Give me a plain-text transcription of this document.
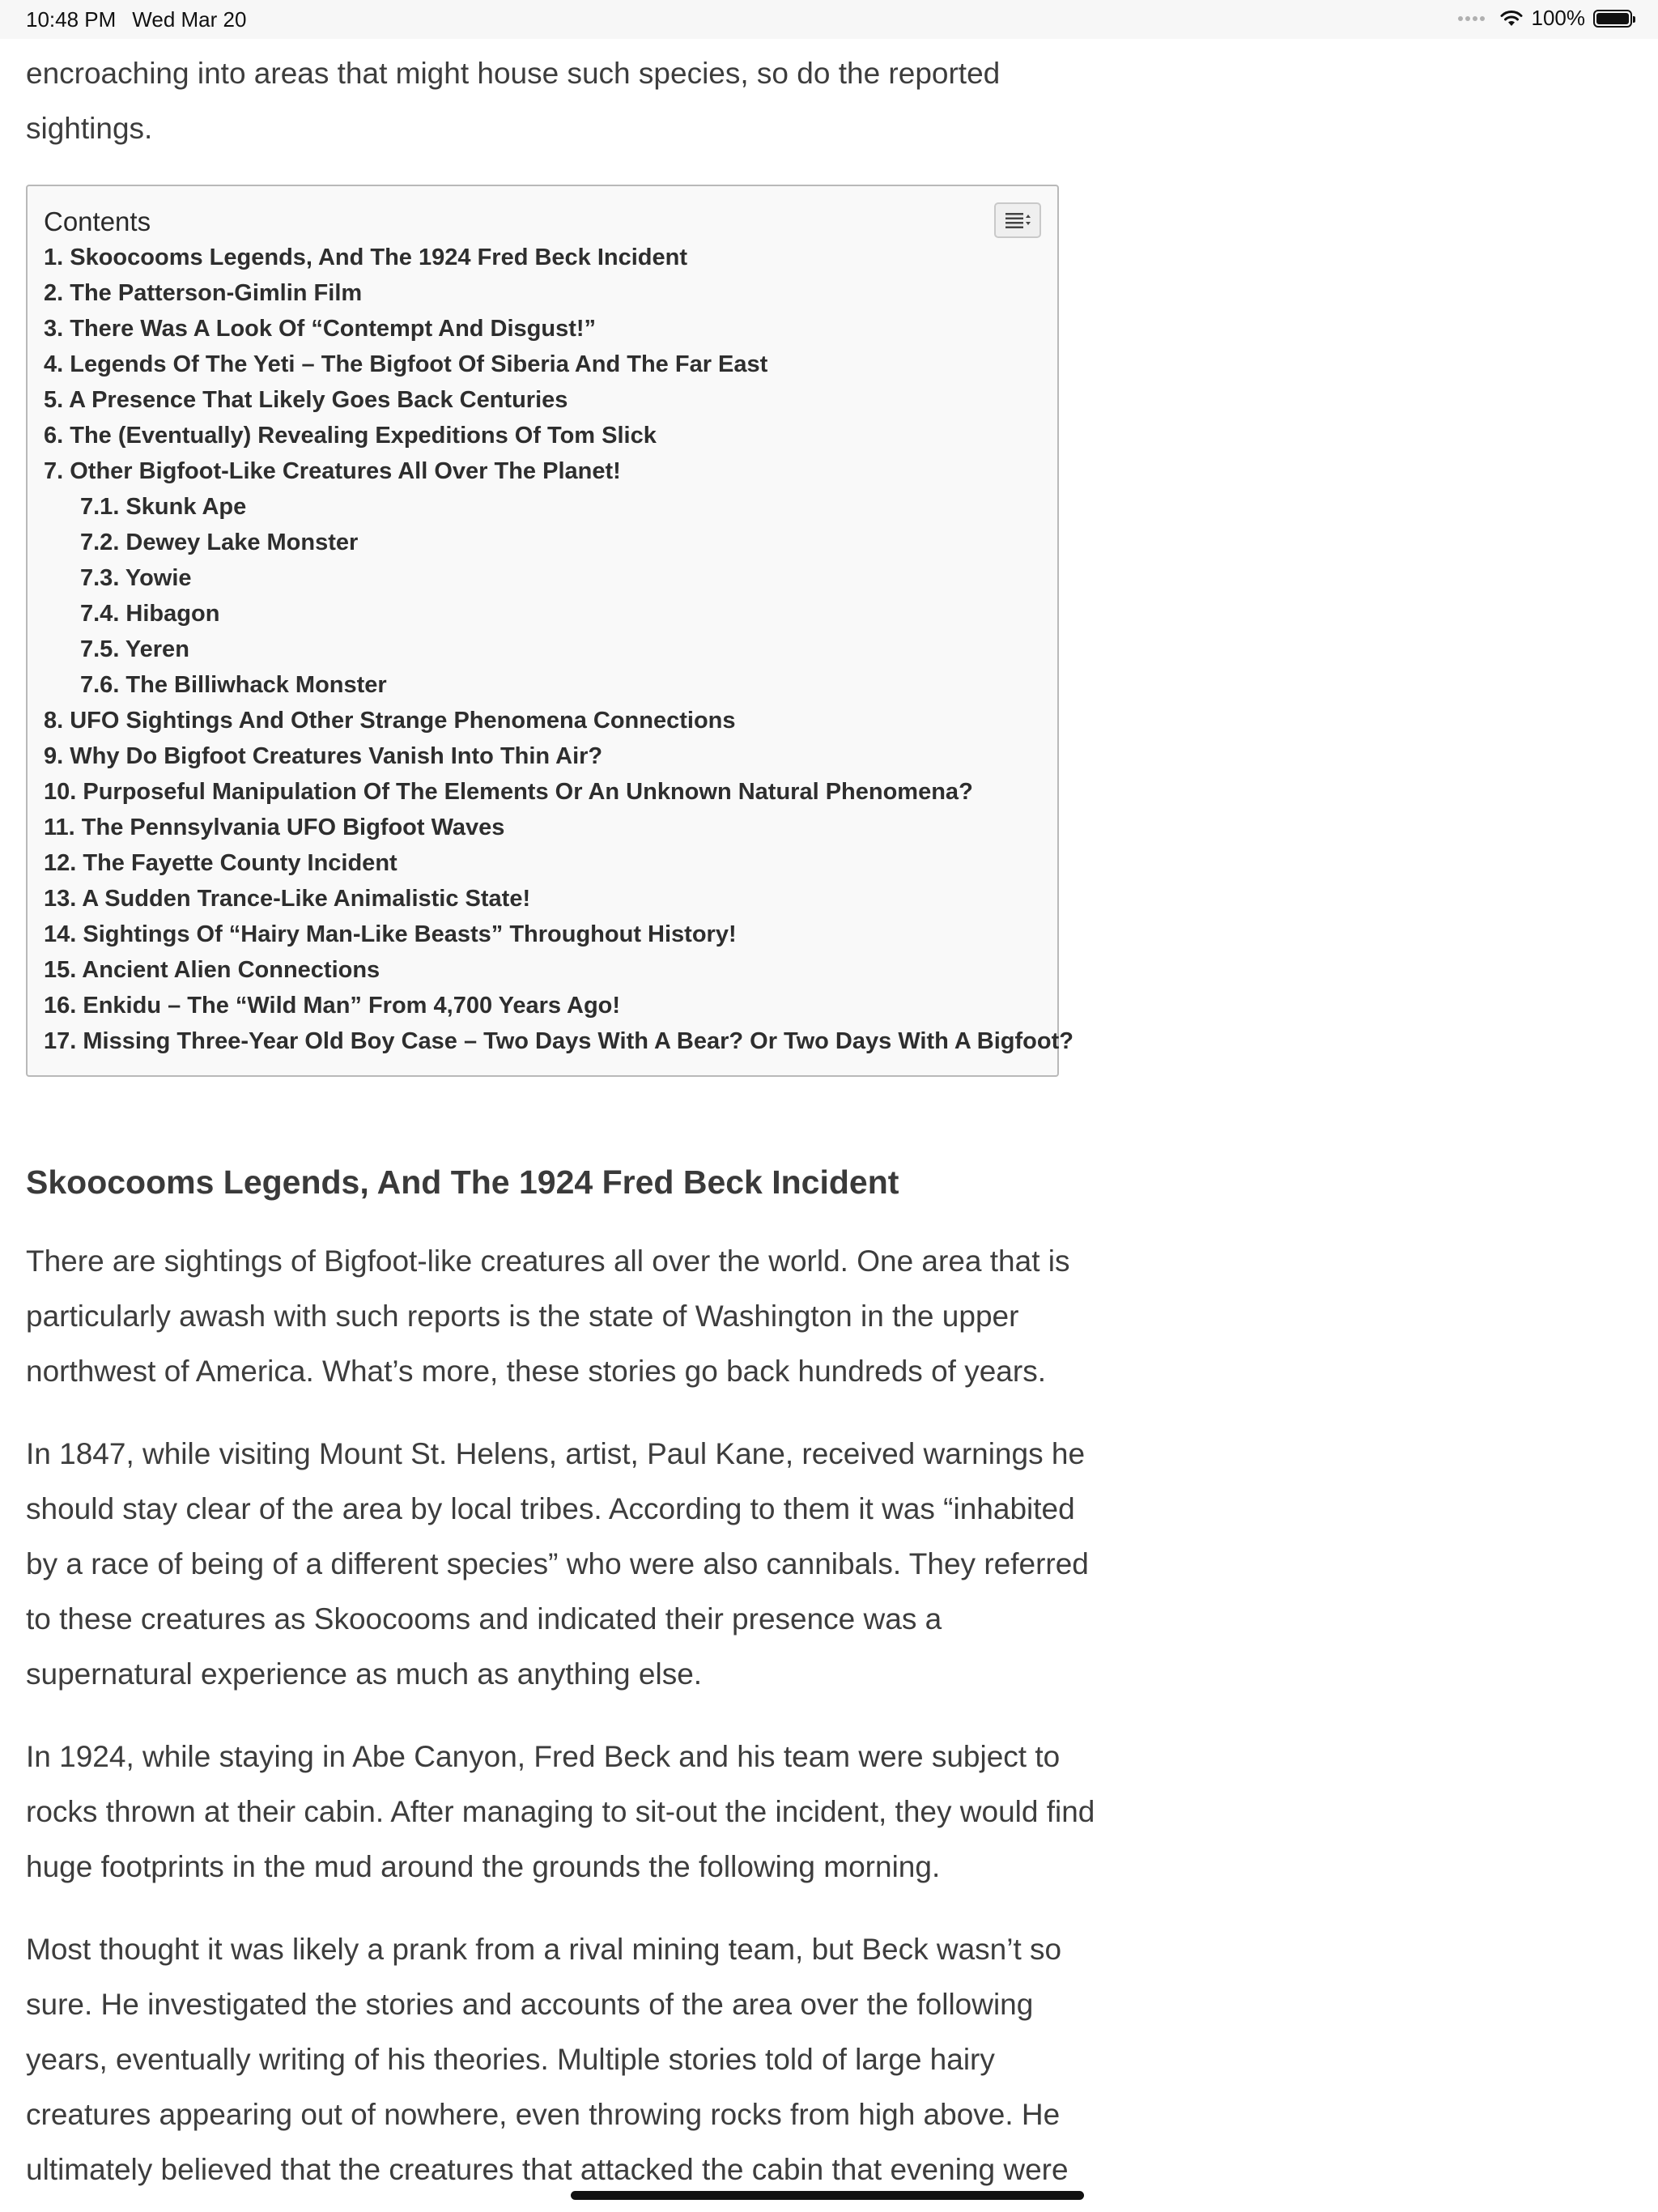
10:48 PM Wed Mar 20	100%

encroaching into areas that might house such species, so do the reported sightings.

Contents
1. Skoocooms Legends, And The 1924 Fred Beck Incident
2. The Patterson-Gimlin Film
3. There Was A Look Of “Contempt And Disgust!”
4. Legends Of The Yeti – The Bigfoot Of Siberia And The Far East
5. A Presence That Likely Goes Back Centuries
6. The (Eventually) Revealing Expeditions Of Tom Slick
7. Other Bigfoot-Like Creatures All Over The Planet!
7.1. Skunk Ape
7.2. Dewey Lake Monster
7.3. Yowie
7.4. Hibagon
7.5. Yeren
7.6. The Billiwhack Monster
8. UFO Sightings And Other Strange Phenomena Connections
9. Why Do Bigfoot Creatures Vanish Into Thin Air?
10. Purposeful Manipulation Of The Elements Or An Unknown Natural Phenomena?
11. The Pennsylvania UFO Bigfoot Waves
12. The Fayette County Incident
13. A Sudden Trance-Like Animalistic State!
14. Sightings Of “Hairy Man-Like Beasts” Throughout History!
15. Ancient Alien Connections
16. Enkidu – The “Wild Man” From 4,700 Years Ago!
17. Missing Three-Year Old Boy Case – Two Days With A Bear? Or Two Days With A Bigfoot?
Skoocooms Legends, And The 1924 Fred Beck Incident

There are sightings of Bigfoot-like creatures all over the world. One area that is particularly awash with such reports is the state of Washington in the upper northwest of America. What’s more, these stories go back hundreds of years.

In 1847, while visiting Mount St. Helens, artist, Paul Kane, received warnings he should stay clear of the area by local tribes. According to them it was “inhabited by a race of being of a different species” who were also cannibals. They referred to these creatures as Skoocooms and indicated their presence was a supernatural experience as much as anything else.

In 1924, while staying in Abe Canyon, Fred Beck and his team were subject to rocks thrown at their cabin. After managing to sit-out the incident, they would find huge footprints in the mud around the grounds the following morning.

Most thought it was likely a prank from a rival mining team, but Beck wasn’t so sure. He investigated the stories and accounts of the area over the following years, eventually writing of his theories. Multiple stories told of large hairy creatures appearing out of nowhere, even throwing rocks from high above. He ultimately believed that the creatures that attacked the cabin that evening were
